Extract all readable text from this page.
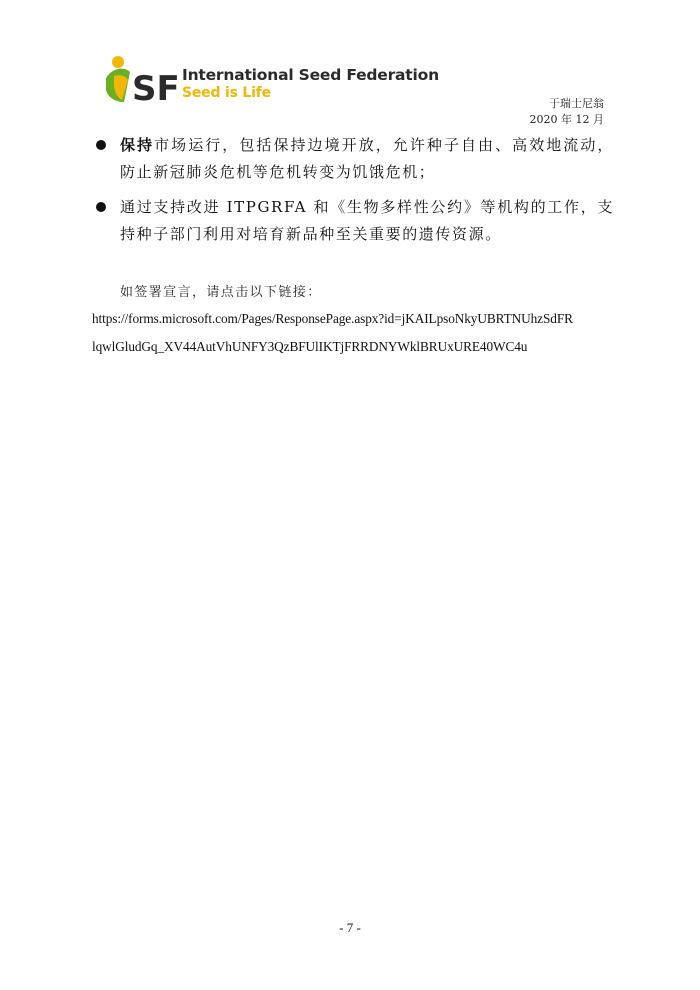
SF International Seed Federation
Seed is Life
于瑞士尼翁
2020 年 12 月
保持市场运行，包括保持边境开放，允许种子自由、高效地流动，防止新冠肺炎危机等危机转变为饥饿危机；
通过支持改进 ITPGRFA 和《生物多样性公约》等机构的工作，支持种子部门利用对培育新品种至关重要的遗传资源。
如签署宣言，请点击以下链接：
https://forms.microsoft.com/Pages/ResponsePage.aspx?id=jKAILpsoNkyUBRTNUhzSdFR
lqwlGludGq_XV44AutVhUNFY3QzBFUlIKTjFRRDNYWklBRUxURE40WC4u
- 7 -
